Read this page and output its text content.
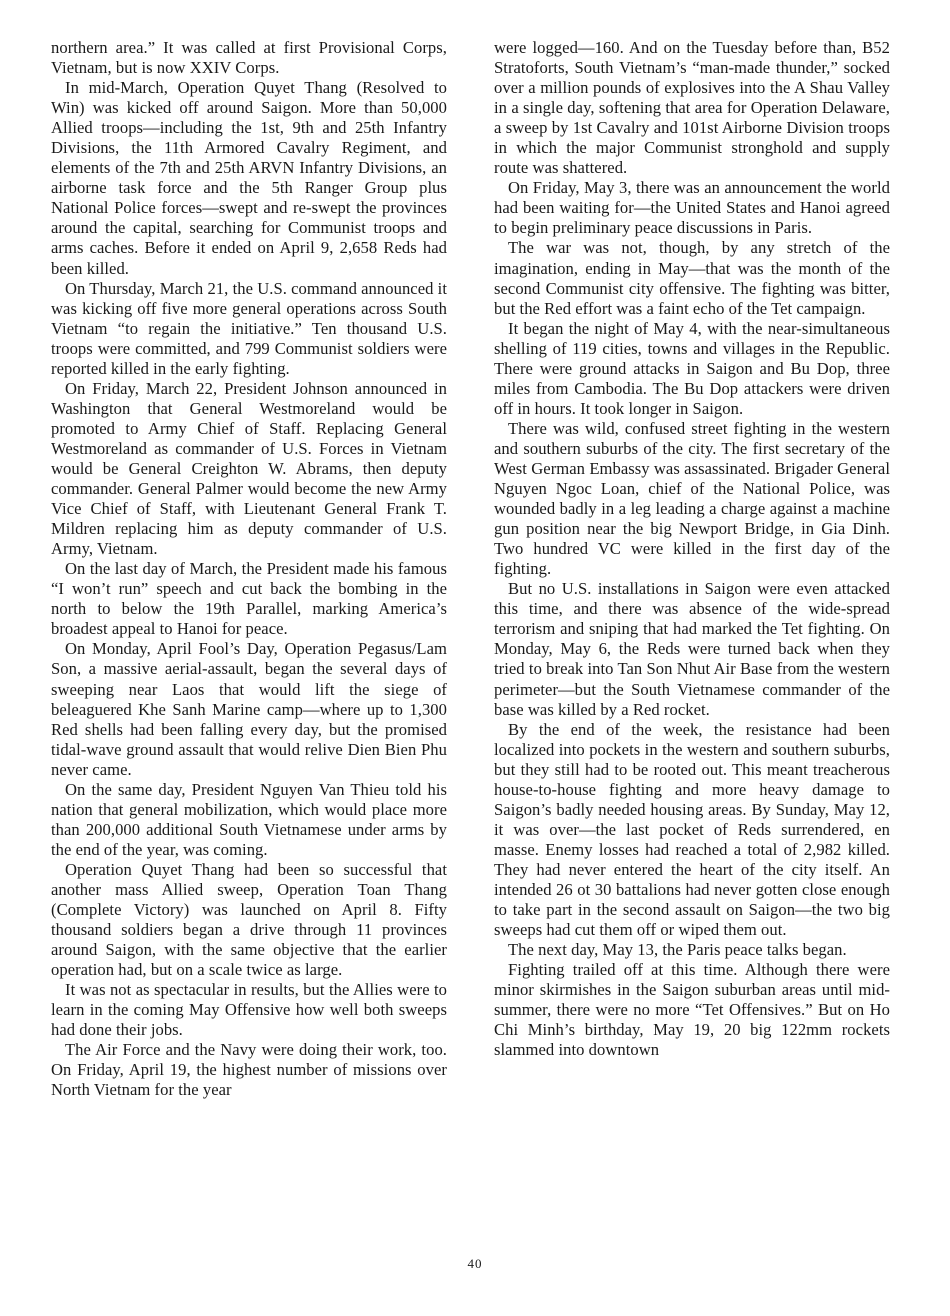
northern area.” It was called at first Provisional Corps, Vietnam, but is now XXIV Corps.

In mid-March, Operation Quyet Thang (Resolved to Win) was kicked off around Saigon. More than 50,000 Allied troops—including the 1st, 9th and 25th Infantry Divisions, the 11th Armored Cavalry Regiment, and elements of the 7th and 25th ARVN Infantry Divisions, an airborne task force and the 5th Ranger Group plus National Police forces—swept and re-swept the provinces around the capital, searching for Communist troops and arms caches. Before it ended on April 9, 2,658 Reds had been killed.

On Thursday, March 21, the U.S. command announced it was kicking off five more general operations across South Vietnam “to regain the initiative.” Ten thousand U.S. troops were committed, and 799 Communist soldiers were reported killed in the early fighting.

On Friday, March 22, President Johnson announced in Washington that General Westmoreland would be promoted to Army Chief of Staff. Replacing General Westmoreland as commander of U.S. Forces in Vietnam would be General Creighton W. Abrams, then deputy commander. General Palmer would become the new Army Vice Chief of Staff, with Lieutenant General Frank T. Mildren replacing him as deputy commander of U.S. Army, Vietnam.

On the last day of March, the President made his famous “I won’t run” speech and cut back the bombing in the north to below the 19th Parallel, marking America’s broadest appeal to Hanoi for peace.

On Monday, April Fool’s Day, Operation Pegasus/Lam Son, a massive aerial-assault, began the several days of sweeping near Laos that would lift the siege of beleaguered Khe Sanh Marine camp—where up to 1,300 Red shells had been falling every day, but the promised tidal-wave ground assault that would relive Dien Bien Phu never came.

On the same day, President Nguyen Van Thieu told his nation that general mobilization, which would place more than 200,000 additional South Vietnamese under arms by the end of the year, was coming.

Operation Quyet Thang had been so successful that another mass Allied sweep, Operation Toan Thang (Complete Victory) was launched on April 8. Fifty thousand soldiers began a drive through 11 provinces around Saigon, with the same objective that the earlier operation had, but on a scale twice as large.

It was not as spectacular in results, but the Allies were to learn in the coming May Offensive how well both sweeps had done their jobs.

The Air Force and the Navy were doing their work, too. On Friday, April 19, the highest number of missions over North Vietnam for the year

were logged—160. And on the Tuesday before than, B52 Stratoforts, South Vietnam’s “man-made thunder,” socked over a million pounds of explosives into the A Shau Valley in a single day, softening that area for Operation Delaware, a sweep by 1st Cavalry and 101st Airborne Division troops in which the major Communist stronghold and supply route was shattered.

On Friday, May 3, there was an announcement the world had been waiting for—the United States and Hanoi agreed to begin preliminary peace discussions in Paris.

The war was not, though, by any stretch of the imagination, ending in May—that was the month of the second Communist city offensive. The fighting was bitter, but the Red effort was a faint echo of the Tet campaign.

It began the night of May 4, with the near-simultaneous shelling of 119 cities, towns and villages in the Republic. There were ground attacks in Saigon and Bu Dop, three miles from Cambodia. The Bu Dop attackers were driven off in hours. It took longer in Saigon.

There was wild, confused street fighting in the western and southern suburbs of the city. The first secretary of the West German Embassy was assassinated. Brigader General Nguyen Ngoc Loan, chief of the National Police, was wounded badly in a leg leading a charge against a machine gun position near the big Newport Bridge, in Gia Dinh. Two hundred VC were killed in the first day of the fighting.

But no U.S. installations in Saigon were even attacked this time, and there was absence of the wide-spread terrorism and sniping that had marked the Tet fighting. On Monday, May 6, the Reds were turned back when they tried to break into Tan Son Nhut Air Base from the western perimeter—but the South Vietnamese commander of the base was killed by a Red rocket.

By the end of the week, the resistance had been localized into pockets in the western and southern suburbs, but they still had to be rooted out. This meant treacherous house-to-house fighting and more heavy damage to Saigon’s badly needed housing areas. By Sunday, May 12, it was over—the last pocket of Reds surrendered, en masse. Enemy losses had reached a total of 2,982 killed. They had never entered the heart of the city itself. An intended 26 ot 30 battalions had never gotten close enough to take part in the second assault on Saigon—the two big sweeps had cut them off or wiped them out.

The next day, May 13, the Paris peace talks began.

Fighting trailed off at this time. Although there were minor skirmishes in the Saigon suburban areas until mid-summer, there were no more “Tet Offensives.” But on Ho Chi Minh’s birthday, May 19, 20 big 122mm rockets slammed into downtown

40
